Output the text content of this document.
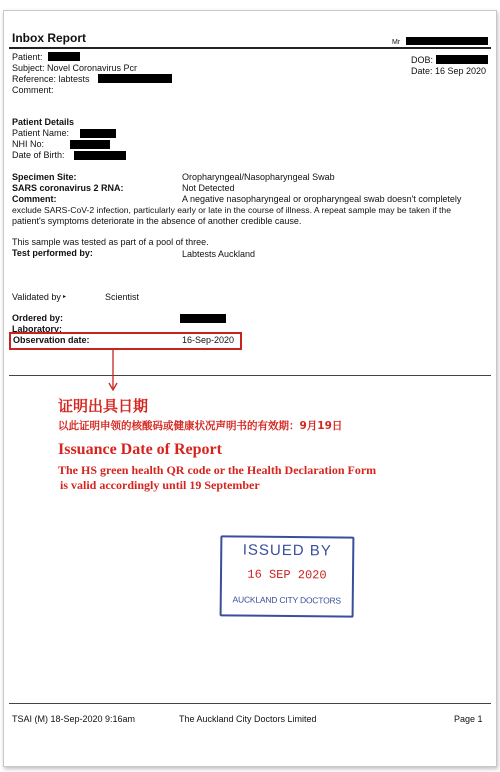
Inbox Report	Mr
Patient:
Subject: Novel Coronavirus Pcr
Reference: labtests
Comment:
DOB:
Date: 16 Sep 2020
Patient Details
Patient Name:
NHI No:
Date of Birth:
Specimen Site:	Oropharyngeal/Nasopharyngeal Swab
SARS coronavirus 2 RNA:	Not Detected
Comment:	A negative nasopharyngeal or oropharyngeal swab doesn't completely
exclude SARS-CoV-2 infection, particularly early or late in the course of illness. A repeat sample may be taken if the
patient's symptoms deteriorate in the absence of another credible cause.
This sample was tested as part of a pool of three.
Test performed by:	Labtests Auckland
Validated by ▸	Scientist
Ordered by:
Laboratory:
Observation date:	16-Sep-2020
证明出具日期
以此证明申领的核酸码或健康状况声明书的有效期：9月19日
Issuance Date of Report
The HS green health QR code or the Health Declaration Form
is valid accordingly until 19 September
ISSUED BY
16 SEP 2020
AUCKLAND CITY DOCTORS
TSAI (M) 18-Sep-2020 9:16am	The Auckland City Doctors Limited	Page 1
